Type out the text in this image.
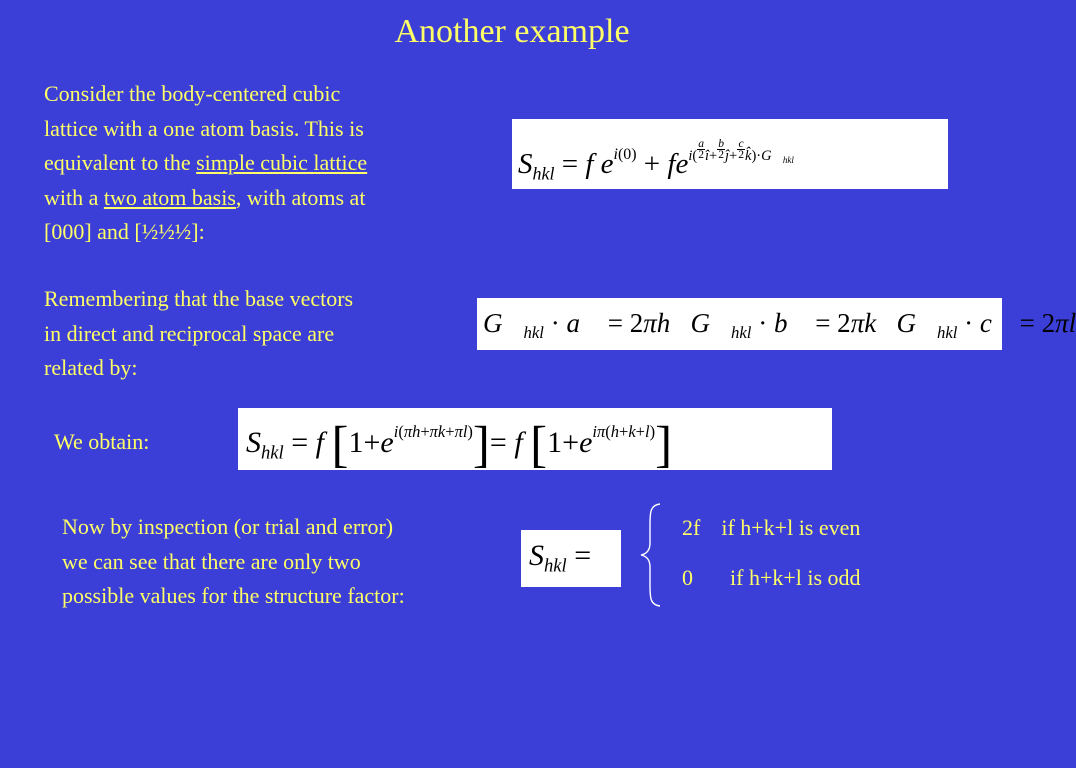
Another example
Consider the body-centered cubic
lattice with a one atom basis. This is
equivalent to the simple cubic lattice
with a two atom basis, with atoms at
[000] and [½½½]:
Remembering that the base vectors
in direct and reciprocal space are
related by:
We obtain:
Now by inspection (or trial and error)
we can see that there are only two
possible values for the structure factor:
$S_{hkl} = f$ $e^{i(0)} + fe^{i( \frac{a}{2} î+ \frac{b}{2} ĵ+ \frac{c}{2} k̂)\cdot G⃗_{hkl}}$
$G⃗_{hkl}$ · a⃗ = 2πh   $G⃗_{hkl}$ · b⃗ = 2πk   $G⃗_{hkl}$ · c⃗ = 2πl
$S_{hkl} = f$ $[1+e^{i(\pi h+\pi k+\pi l)}]= f$ $[1+e^{i\pi(h+k+l)}]$
$S_{hkl}$ =
2f if h+k+l is even
0 if h+k+l is odd
